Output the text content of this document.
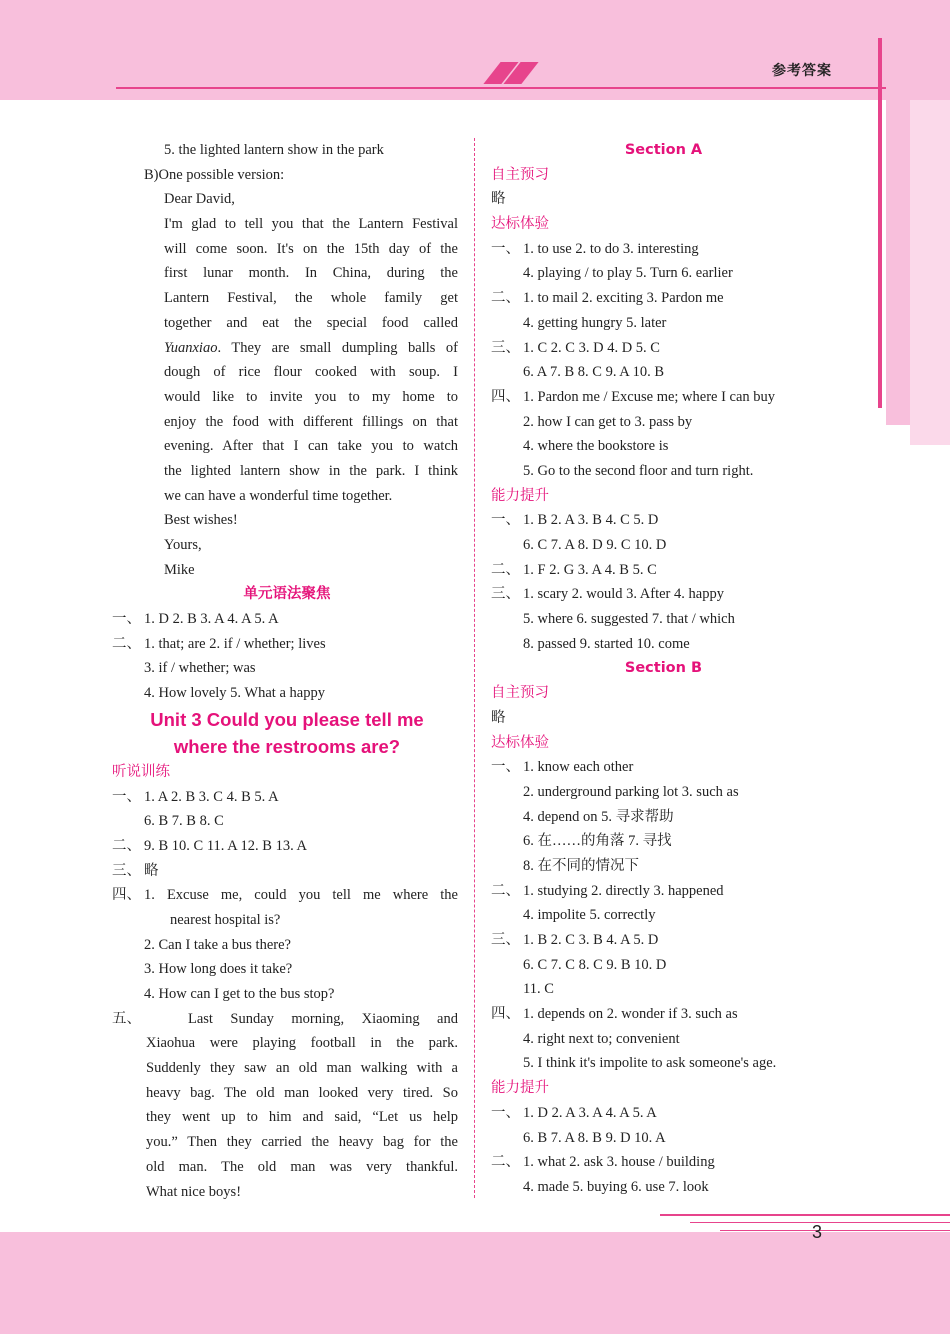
参考答案
5. the lighted lantern show in the park
B)One possible version:
Dear David,
I'm glad to tell you that the Lantern Festival
will come soon. It's on the 15th day of the
first lunar month. In China, during the
Lantern Festival, the whole family get
together and eat the special food called
Yuanxiao. They are small dumpling balls of
dough of rice flour cooked with soup. I
would like to invite you to my home to
enjoy the food with different fillings on that
evening. After that I can take you to watch
the lighted lantern show in the park. I think
we can have a wonderful time together.
Best wishes!
Yours,
Mike
单元语法聚焦
一、 1. D 2. B 3. A 4. A 5. A
二、 1. that; are 2. if / whether; lives
3. if / whether; was
4. How lovely 5. What a happy
Unit 3 Could you please tell me
where the restrooms are?
听说训练
一、 1. A 2. B 3. C 4. B 5. A
6. B 7. B 8. C
二、 9. B 10. C 11. A 12. B 13. A
三、 略
四、 1. Excuse me, could you tell me where the
nearest hospital is?
2. Can I take a bus there?
3. How long does it take?
4. How can I get to the bus stop?
五、	Last Sunday morning, Xiaoming and
Xiaohua were playing football in the park.
Suddenly they saw an old man walking with a
heavy bag. The old man looked very tired. So
they went up to him and said, “Let us help
you.” Then they carried the heavy bag for the
old man. The old man was very thankful.
What nice boys!
Section A
自主预习
略
达标体验
一、 1. to use 2. to do 3. interesting
4. playing / to play 5. Turn 6. earlier
二、 1. to mail 2. exciting 3. Pardon me
4. getting hungry 5. later
三、 1. C 2. C 3. D 4. D 5. C
6. A 7. B 8. C 9. A 10. B
四、 1. Pardon me / Excuse me; where I can buy
2. how I can get to 3. pass by
4. where the bookstore is
5. Go to the second floor and turn right.
能力提升
一、 1. B 2. A 3. B 4. C 5. D
6. C 7. A 8. D 9. C 10. D
二、 1. F 2. G 3. A 4. B 5. C
三、 1. scary 2. would 3. After 4. happy
5. where 6. suggested 7. that / which
8. passed 9. started 10. come
Section B
自主预习
略
达标体验
一、 1. know each other
2. underground parking lot 3. such as
4. depend on 5. 寻求帮助
6. 在……的角落 7. 寻找
8. 在不同的情况下
二、 1. studying 2. directly 3. happened
4. impolite 5. correctly
三、 1. B 2. C 3. B 4. A 5. D
6. C 7. C 8. C 9. B 10. D
11. C
四、 1. depends on 2. wonder if 3. such as
4. right next to; convenient
5. I think it's impolite to ask someone's age.
能力提升
一、 1. D 2. A 3. A 4. A 5. A
6. B 7. A 8. B 9. D 10. A
二、 1. what 2. ask 3. house / building
4. made 5. buying 6. use 7. look
3
